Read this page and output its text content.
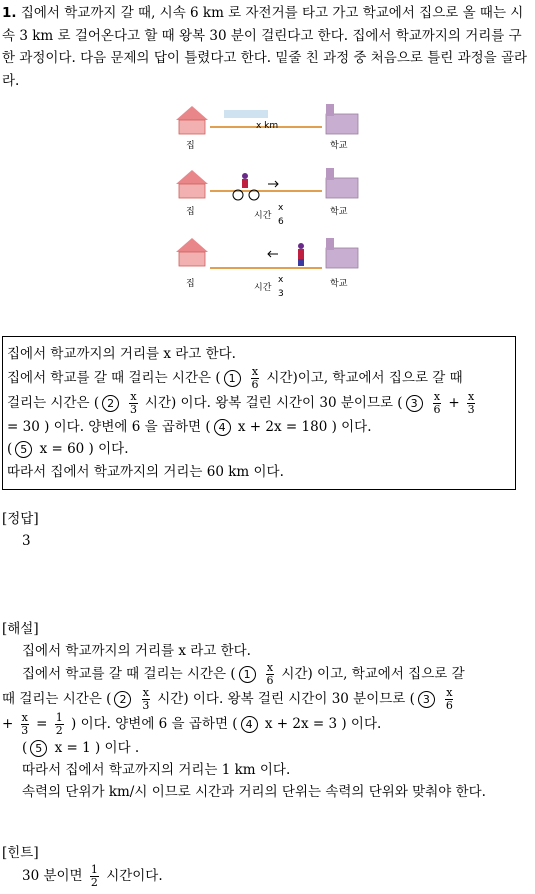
1. 집에서 학교까지 갈 때, 시속 6 km 로 자전거를 타고 가고 학교에서 집으로 올 때는 시속 3 km 로 걸어온다고 할 때 왕복 30 분이 걸린다고 한다. 집에서 학교까지의 거리를 구한 과정이다. 다음 문제의 답이 틀렸다고 한다. 밑줄 친 과정 중 처음으로 틀린 과정을 골라라.
x km
집	학교
집	시간
x
6
학교
집	시간
x
3
학교
집에서 학교까지의 거리를 x 라고 한다.
집에서 학교를 갈 때 걸리는 시간은 ( $1 \frac{x}{6}$ 시간)이고, 학교에서 집으로 갈 때
걸리는 시간은 ( $2 \frac{x}{3}$ 시간) 이다. 왕복 걸린 시간이 30 분이므로 ( $3 \frac{x}{6} + \frac{x}{3}$
= 30 ) 이다. 양변에 6 을 곱하면 ( 4 x + 2x = 180 ) 이다.
( 5 x = 60 ) 이다.
따라서 집에서 학교까지의 거리는 60 km 이다.
[정답]
3
[해설]
집에서 학교까지의 거리를 x 라고 한다.
집에서 학교를 갈 때 걸리는 시간은 ( $1 \frac{x}{6}$ 시간) 이고, 학교에서 집으로 갈
때 걸리는 시간은 ( $2 \frac{x}{3}$ 시간) 이다. 왕복 걸린 시간이 30 분이므로 ( $3 \frac{x}{6}$
+ $\frac{x}{3} = \frac{1}{2}$ ) 이다. 양변에 6 을 곱하면 ( 4 x + 2x = 3 ) 이다.
( 5 x = 1 ) 이다 .
따라서 집에서 학교까지의 거리는 1 km 이다.
속력의 단위가 km/시 이므로 시간과 거리의 단위는 속력의 단위와 맞춰야 한다.
[힌트]
30 분이면 $\frac{1}{2}$ 시간이다.
